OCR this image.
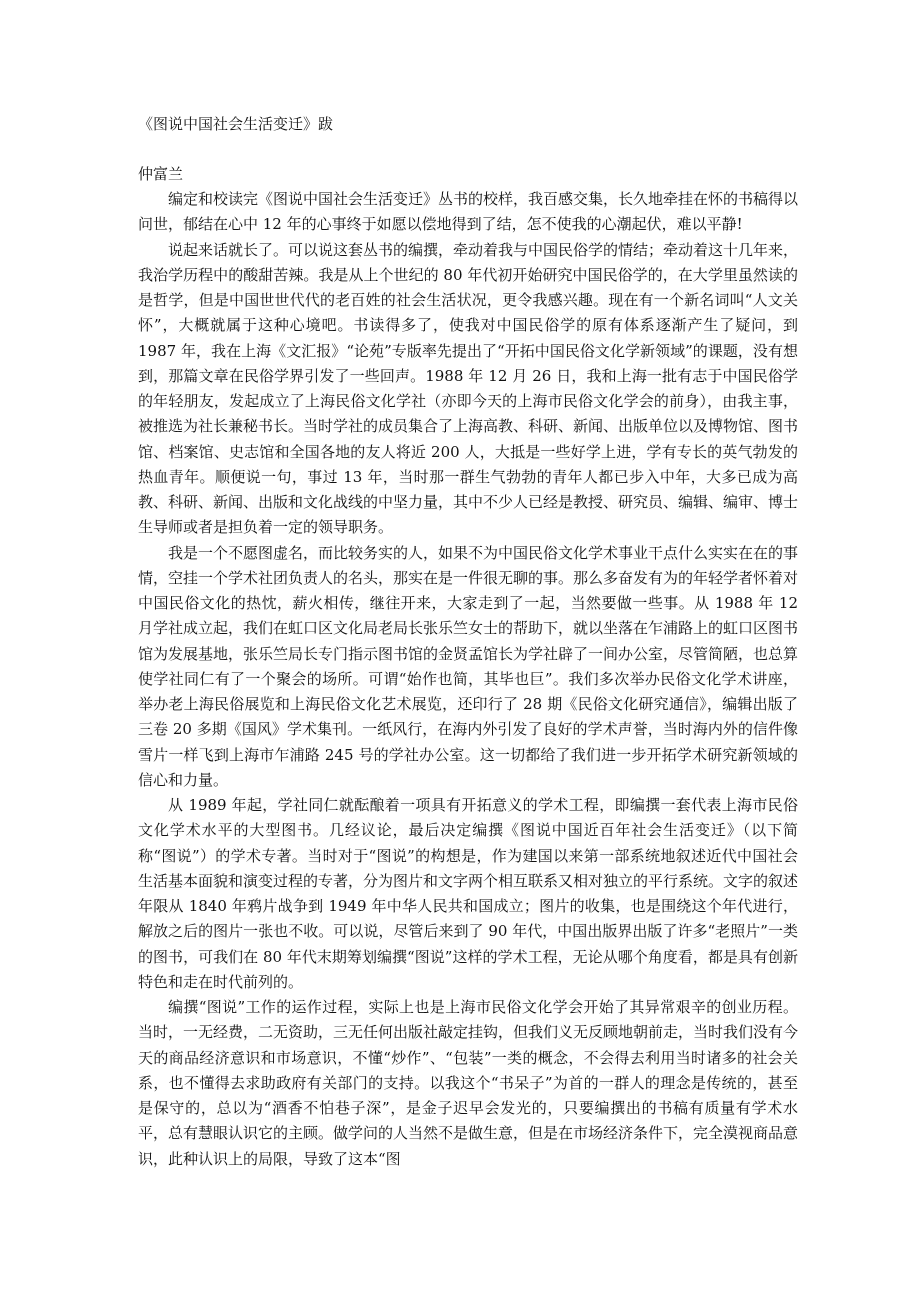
《图说中国社会生活变迁》跋
仲富兰

编定和校读完《图说中国社会生活变迁》丛书的校样，我百感交集，长久地牵挂在怀的书稿得以问世，郁结在心中 12 年的心事终于如愿以偿地得到了结，怎不使我的心潮起伏，难以平静!

说起来话就长了。可以说这套丛书的编撰，牵动着我与中国民俗学的情结；牵动着这十几年来，我治学历程中的酸甜苦辣。我是从上个世纪的 80 年代初开始研究中国民俗学的，在大学里虽然读的是哲学，但是中国世世代代的老百姓的社会生活状况，更令我感兴趣。现在有一个新名词叫“人文关怀”，大概就属于这种心境吧。书读得多了，使我对中国民俗学的原有体系逐渐产生了疑问，到 1987 年，我在上海《文汇报》“论苑”专版率先提出了“开拓中国民俗文化学新领域”的课题，没有想到，那篇文章在民俗学界引发了一些回声。1988 年 12 月 26 日，我和上海一批有志于中国民俗学的年轻朋友，发起成立了上海民俗文化学社（亦即今天的上海市民俗文化学会的前身），由我主事，被推选为社长兼秘书长。当时学社的成员集合了上海高教、科研、新闻、出版单位以及博物馆、图书馆、档案馆、史志馆和全国各地的友人将近 200 人，大抵是一些好学上进，学有专长的英气勃发的热血青年。顺便说一句，事过 13 年，当时那一群生气勃勃的青年人都已步入中年，大多已成为高教、科研、新闻、出版和文化战线的中坚力量，其中不少人已经是教授、研究员、编辑、编审、博士生导师或者是担负着一定的领导职务。

我是一个不愿图虚名，而比较务实的人，如果不为中国民俗文化学术事业干点什么实实在在的事情，空挂一个学术社团负责人的名头，那实在是一件很无聊的事。那么多奋发有为的年轻学者怀着对中国民俗文化的热忱，薪火相传，继往开来，大家走到了一起，当然要做一些事。从 1988 年 12 月学社成立起，我们在虹口区文化局老局长张乐竺女士的帮助下，就以坐落在乍浦路上的虹口区图书馆为发展基地，张乐竺局长专门指示图书馆的金贤孟馆长为学社辟了一间办公室，尽管简陋，也总算使学社同仁有了一个聚会的场所。可谓“始作也简，其毕也巨”。我们多次举办民俗文化学术讲座，举办老上海民俗展览和上海民俗文化艺术展览，还印行了 28 期《民俗文化研究通信》，编辑出版了三卷 20 多期《国风》学术集刊。一纸风行，在海内外引发了良好的学术声誉，当时海内外的信件像雪片一样飞到上海市乍浦路 245 号的学社办公室。这一切都给了我们进一步开拓学术研究新领域的信心和力量。

从 1989 年起，学社同仁就酝酿着一项具有开拓意义的学术工程，即编撰一套代表上海市民俗文化学术水平的大型图书。几经议论，最后决定编撰《图说中国近百年社会生活变迁》（以下简称“图说”）的学术专著。当时对于“图说”的构想是，作为建国以来第一部系统地叙述近代中国社会生活基本面貌和演变过程的专著，分为图片和文字两个相互联系又相对独立的平行系统。文字的叙述年限从 1840 年鸦片战争到 1949 年中华人民共和国成立；图片的收集，也是围绕这个年代进行，解放之后的图片一张也不收。可以说，尽管后来到了 90 年代，中国出版界出版了许多“老照片”一类的图书，可我们在 80 年代末期筹划编撰“图说”这样的学术工程，无论从哪个角度看，都是具有创新特色和走在时代前列的。

编撰“图说”工作的运作过程，实际上也是上海市民俗文化学会开始了其异常艰辛的创业历程。当时，一无经费，二无资助，三无任何出版社敲定挂钩，但我们义无反顾地朝前走，当时我们没有今天的商品经济意识和市场意识，不懂“炒作”、“包装”一类的概念，不会得去利用当时诸多的社会关系，也不懂得去求助政府有关部门的支持。以我这个“书呆子”为首的一群人的理念是传统的，甚至是保守的，总以为“酒香不怕巷子深”，是金子迟早会发光的，只要编撰出的书稿有质量有学术水平，总有慧眼认识它的主顾。做学问的人当然不是做生意，但是在市场经济条件下，完全漠视商品意识，此种认识上的局限，导致了这本“图
